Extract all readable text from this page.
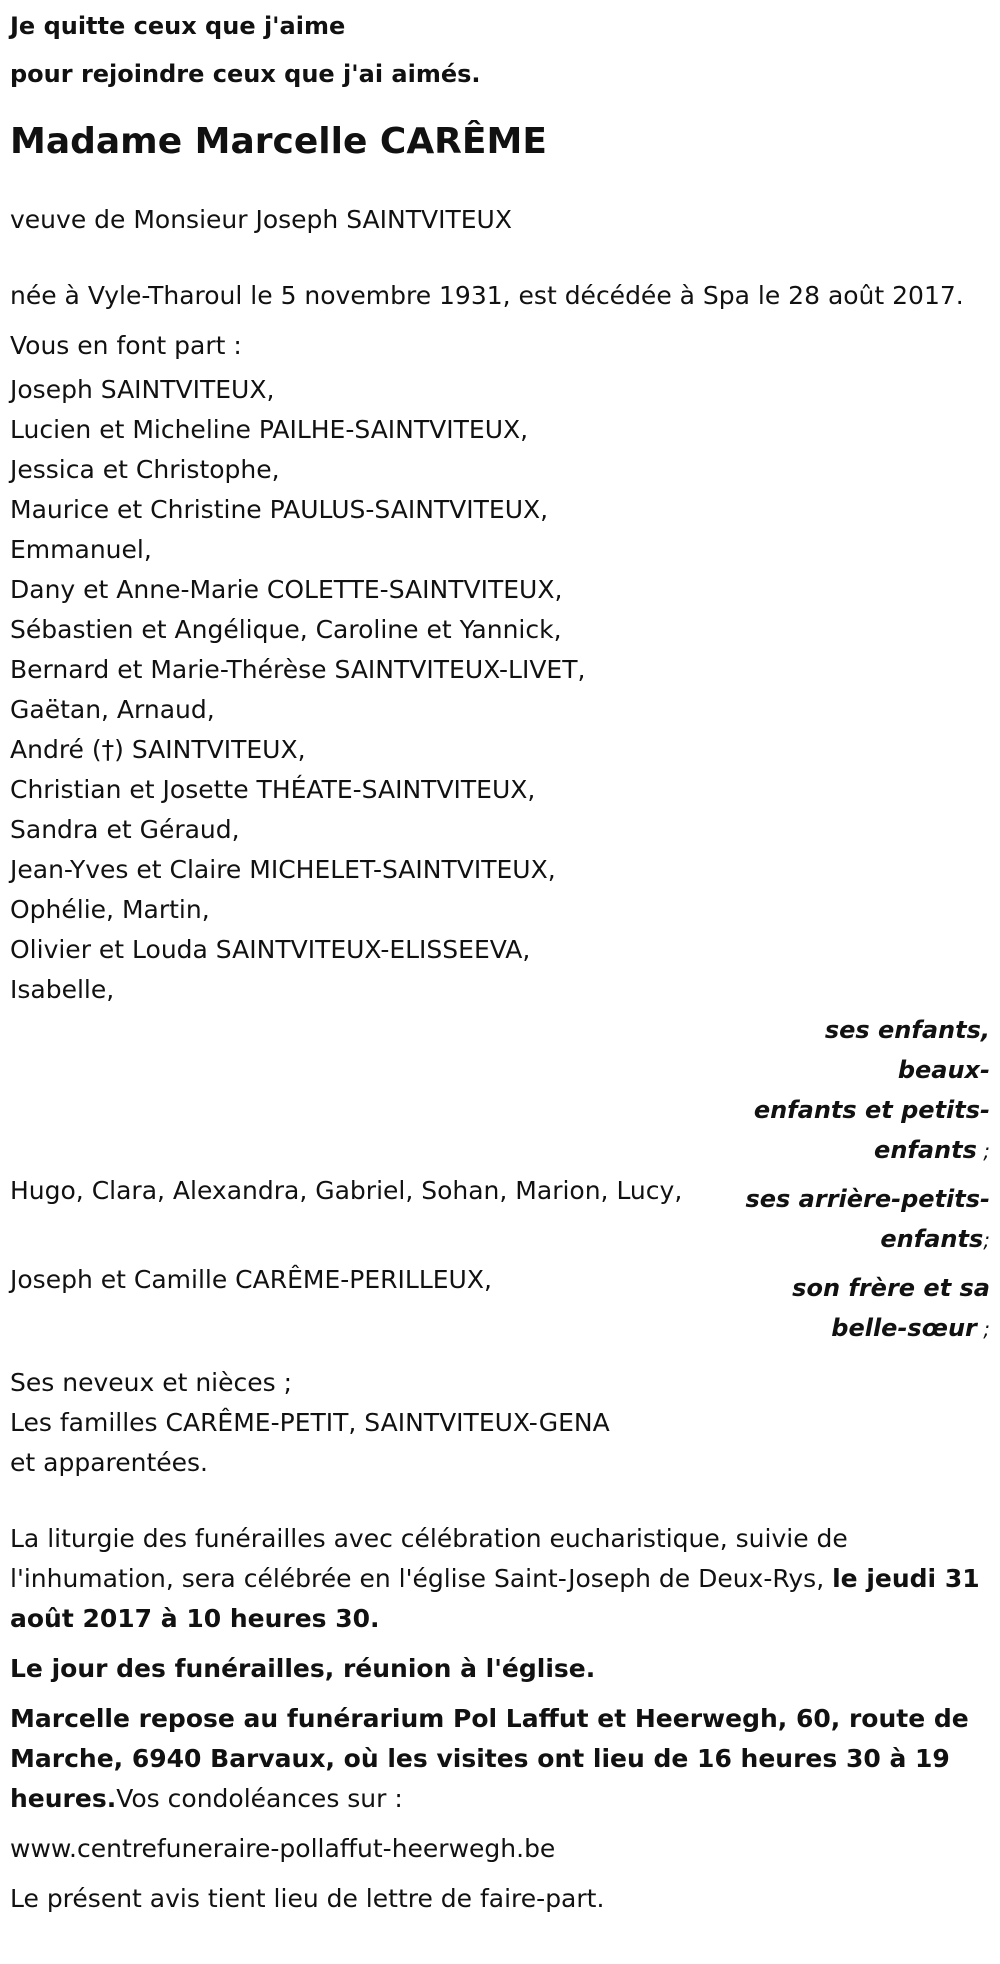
Je quitte ceux que j'aime
pour rejoindre ceux que j'ai aimés.
Madame Marcelle CARÊME

veuve de Monsieur Joseph SAINTVITEUX

née à Vyle-Tharoul le 5 novembre 1931, est décédée à Spa le 28 août 2017.

Vous en font part :

Joseph SAINTVITEUX,
Lucien et Micheline PAILHE-SAINTVITEUX,
Jessica et Christophe,
Maurice et Christine PAULUS-SAINTVITEUX,
Emmanuel,
Dany et Anne-Marie COLETTE-SAINTVITEUX,
Sébastien et Angélique, Caroline et Yannick,
Bernard et Marie-Thérèse SAINTVITEUX-LIVET,
Gaëtan, Arnaud,
André (†) SAINTVITEUX,
Christian et Josette THÉATE-SAINTVITEUX,
Sandra et Géraud,
Jean-Yves et Claire MICHELET-SAINTVITEUX,
Ophélie, Martin,
Olivier et Louda SAINTVITEUX-ELISSEEVA,
Isabelle,
ses enfants, beaux-
enfants et petits-
enfants ;
Hugo, Clara, Alexandra, Gabriel, Sohan, Marion, Lucy,	ses arrière-petits-
enfants;
Joseph et Camille CARÊME-PERILLEUX,	son frère et sa
belle-sœur ;
Ses neveux et nièces ;
Les familles CARÊME-PETIT, SAINTVITEUX-GENA
et apparentées.

La liturgie des funérailles avec célébration eucharistique, suivie de l'inhumation, sera célébrée en l'église Saint-Joseph de Deux-Rys, le jeudi 31 août 2017 à 10 heures 30.

Le jour des funérailles, réunion à l'église.

Marcelle repose au funérarium Pol Laffut et Heerwegh, 60, route de Marche, 6940 Barvaux, où les visites ont lieu de 16 heures 30 à 19 heures.Vos condoléances sur :

www.centrefuneraire-pollaffut-heerwegh.be

Le présent avis tient lieu de lettre de faire-part.
